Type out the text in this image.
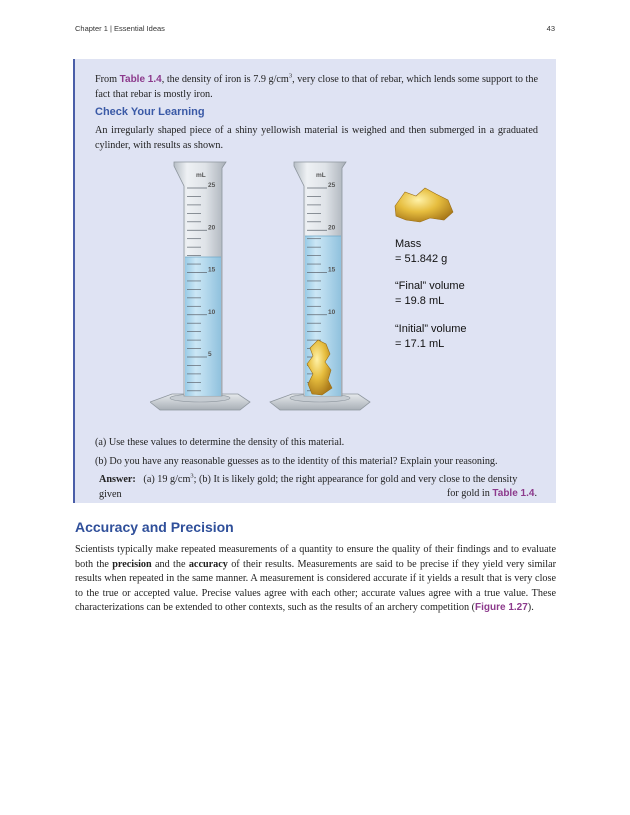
Chapter 1 | Essential Ideas	43

From Table 1.4, the density of iron is 7.9 $g/cm^3$, very close to that of rebar, which lends some support to the fact that rebar is mostly iron.

Check Your Learning

An irregularly shaped piece of a shiny yellowish material is weighed and then submerged in a graduated cylinder, with results as shown.

mL
25
20
15
10
5
mL
25
20
15
10
Mass
= 51.842 g
“Final” volume
= 19.8 mL
“Initial” volume
= 17.1 mL

(a) Use these values to determine the density of this material.

(b) Do you have any reasonable guesses as to the identity of this material? Explain your reasoning.

Answer: (a) 19 $g/cm^3$; (b) It is likely gold; the right appearance for gold and very close to the density given	for gold in Table 1.4.

Accuracy and Precision

Scientists typically make repeated measurements of a quantity to ensure the quality of their findings and to evaluate both the precision and the accuracy of their results. Measurements are said to be precise if they yield very similar results when repeated in the same manner. A measurement is considered accurate if it yields a result that is very close to the true or accepted value. Precise values agree with each other; accurate values agree with a true value. These characterizations can be extended to other contexts, such as the results of an archery competition (Figure 1.27).
